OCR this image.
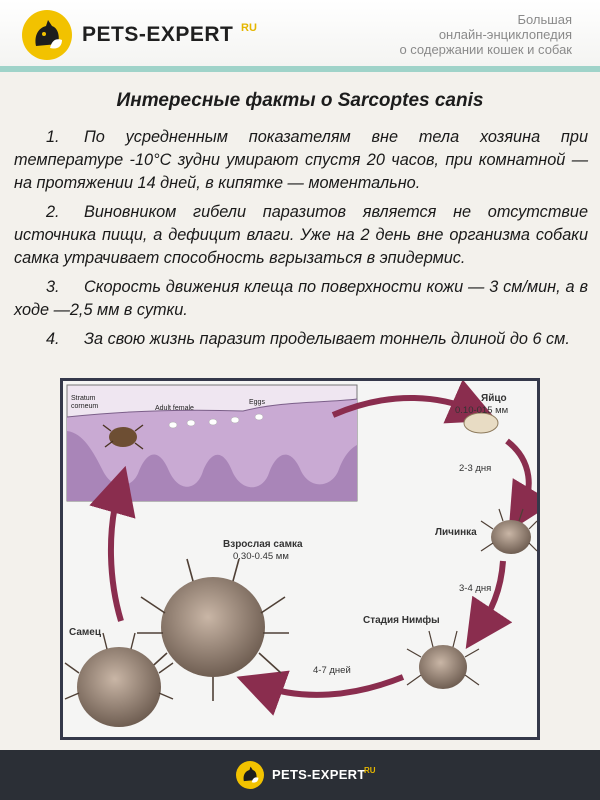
PETS-EXPERT RU
Большая
онлайн-энциклопедия
о содержании кошек и собак
Интересные факты о Sarcoptes canis

1. По усредненным показателям вне тела хозяина при температуре -10°C зудни умирают спустя 20 часов, при комнатной — на протяжении 14 дней, в кипятке — моментально.

2. Виновником гибели паразитов является не отсутствие источника пищи, а дефицит влаги. Уже на 2 день вне организма собаки самка утрачивает способность вгрызаться в эпидермис.

3. Скорость движения клеща по поверхности кожи — 3 см/мин, а в ходе —2,5 мм в сутки.

4. За свою жизнь паразит проделывает тоннель длиной до 6 см.

Stratum
corneum	Adult female
Eggs	Яйцо
0.10-015 мм
2-3 дня
Личинка
3-4 дня
Стадия Нимфы
4-7 дней
Взрослая самка
0.30-0.45 мм
Самец
PETS-EXPERT
RU
